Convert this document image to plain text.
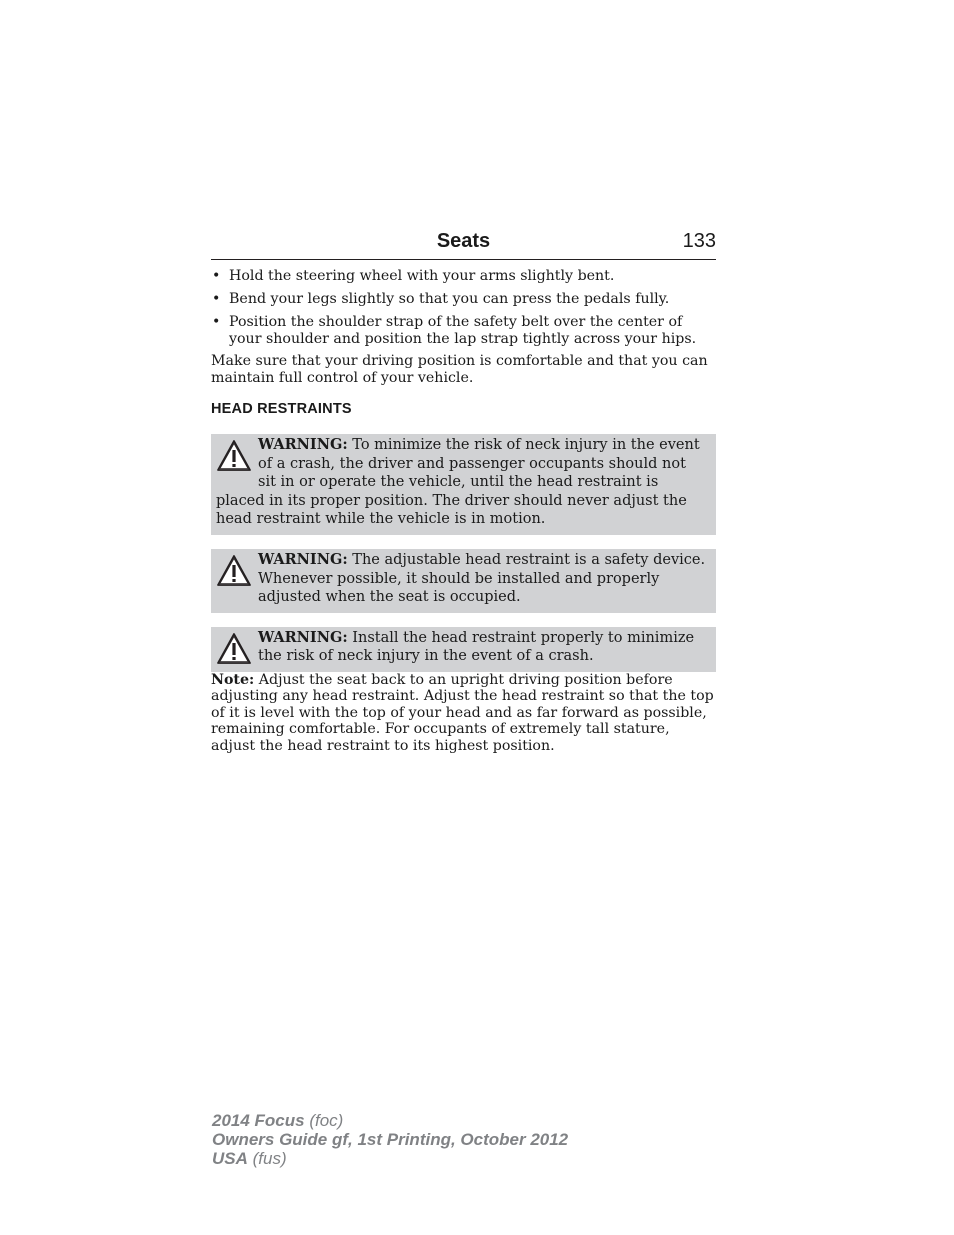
Seats	133
• Hold the steering wheel with your arms slightly bent.
• Bend your legs slightly so that you can press the pedals fully.
• Position the shoulder strap of the safety belt over the center of your shoulder and position the lap strap tightly across your hips.

Make sure that your driving position is comfortable and that you can maintain full control of your vehicle.

HEAD RESTRAINTS
WARNING: To minimize the risk of neck injury in the event of a crash, the driver and passenger occupants should not sit in or operate the vehicle, until the head restraint is placed in its proper position. The driver should never adjust the head restraint while the vehicle is in motion.
WARNING: The adjustable head restraint is a safety device. Whenever possible, it should be installed and properly adjusted when the seat is occupied.
WARNING: Install the head restraint properly to minimize the risk of neck injury in the event of a crash.

Note: Adjust the seat back to an upright driving position before adjusting any head restraint. Adjust the head restraint so that the top of it is level with the top of your head and as far forward as possible, remaining comfortable. For occupants of extremely tall stature, adjust the head restraint to its highest position.

2014 Focus (foc)
Owners Guide gf, 1st Printing, October 2012
USA (fus)
